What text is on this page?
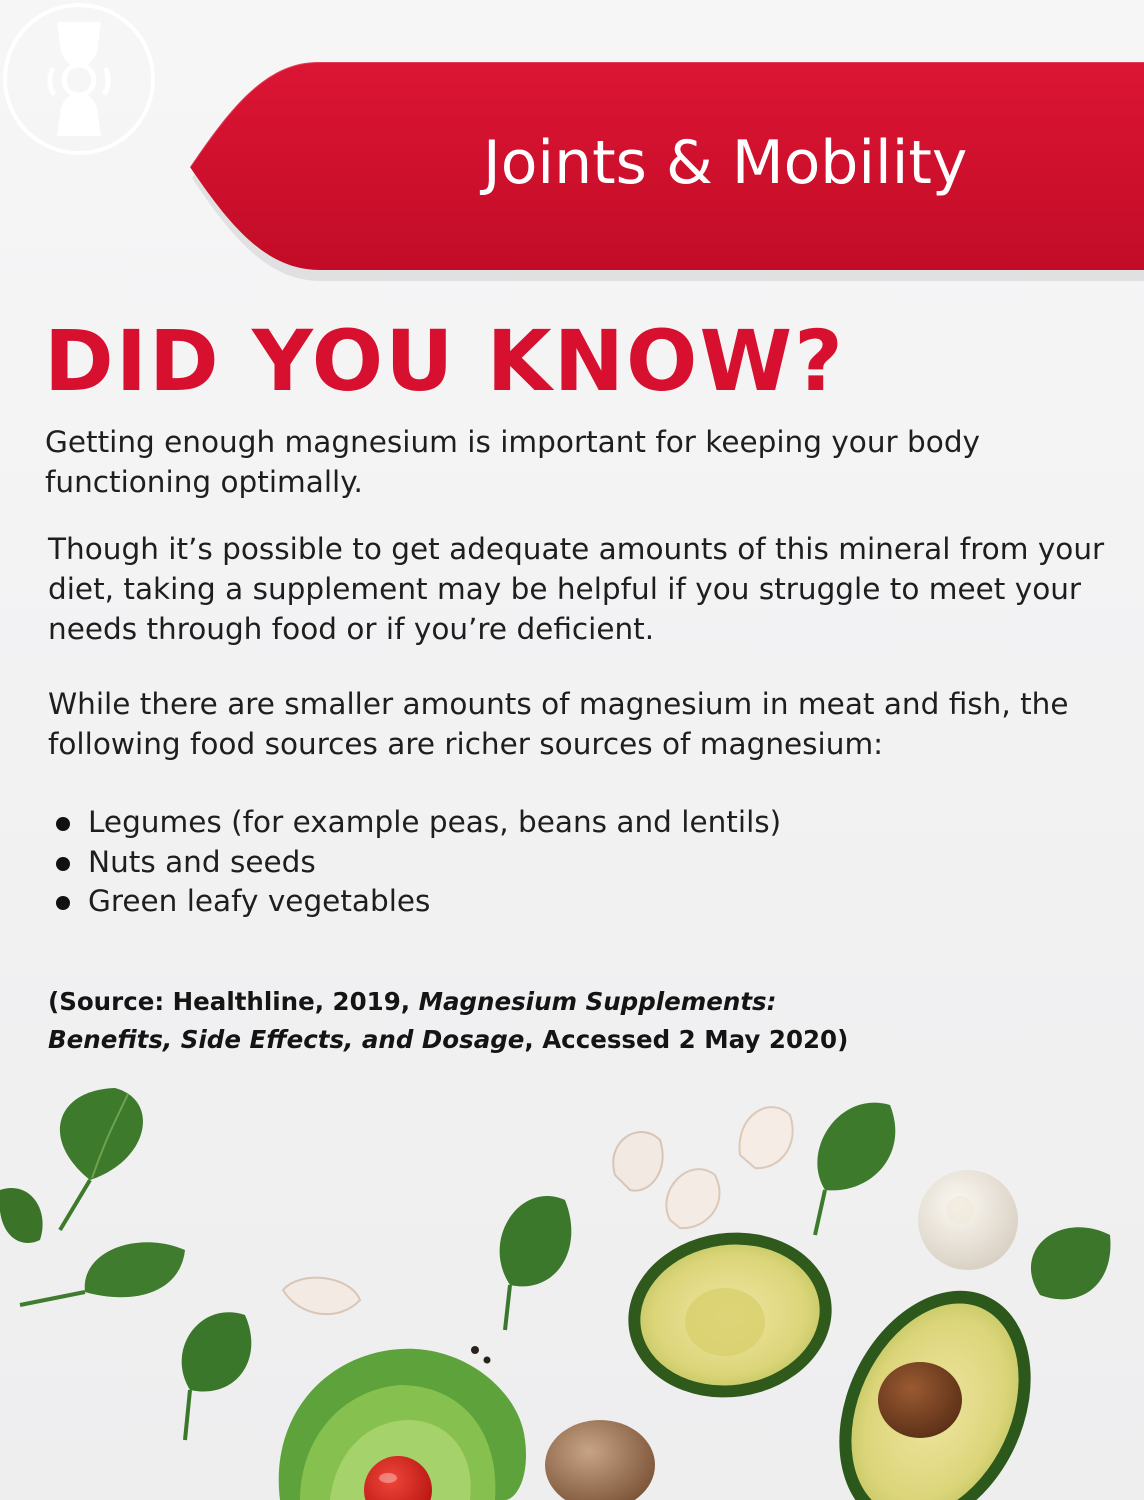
Joints & Mobility
DID YOU KNOW?

Getting enough magnesium is important for keeping your body functioning optimally.

Though it’s possible to get adequate amounts of this mineral from your diet, taking a supplement may be helpful if you struggle to meet your needs through food or if you’re deficient.

While there are smaller amounts of magnesium in meat and fish, the following food sources are richer sources of magnesium:

Legumes (for example peas, beans and lentils)
Nuts and seeds
Green leafy vegetables

(Source: Healthline, 2019, Magnesium Supplements:
Benefits, Side Effects, and Dosage, Accessed 2 May 2020)
